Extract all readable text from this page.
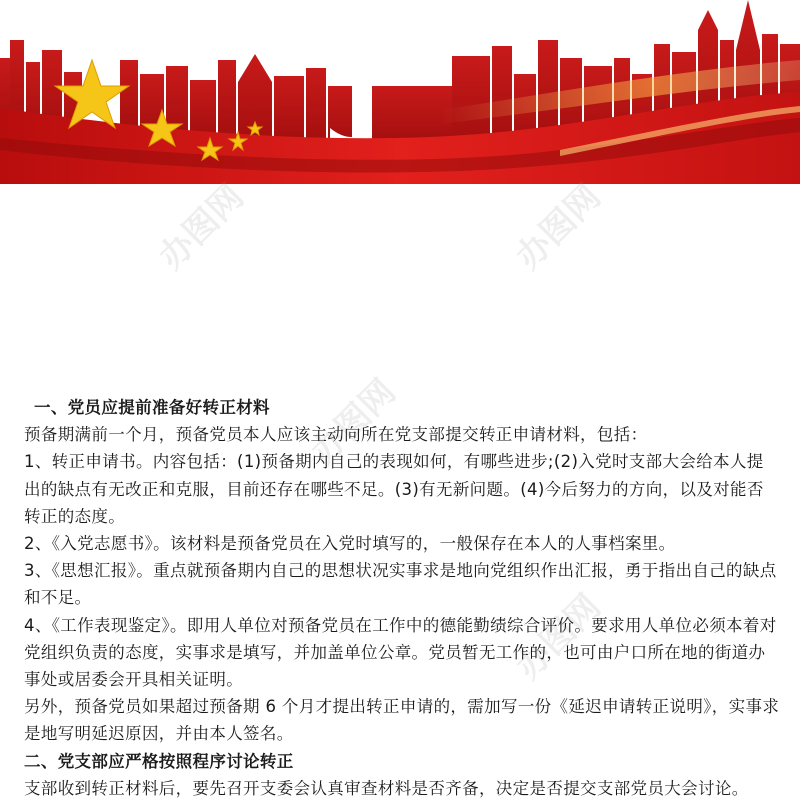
办图网	办图网
办图网
办图网

一、党员应提前准备好转正材料

预备期满前一个月，预备党员本人应该主动向所在党支部提交转正申请材料，包括：

1、转正申请书。内容包括：(1)预备期内自己的表现如何，有哪些进步;(2)入党时支部大会给本人提出的缺点有无改正和克服，目前还存在哪些不足。(3)有无新问题。(4)今后努力的方向，以及对能否转正的态度。

2、《入党志愿书》。该材料是预备党员在入党时填写的，一般保存在本人的人事档案里。

3、《思想汇报》。重点就预备期内自己的思想状况实事求是地向党组织作出汇报，勇于指出自己的缺点和不足。

4、《工作表现鉴定》。即用人单位对预备党员在工作中的德能勤绩综合评价。要求用人单位必须本着对党组织负责的态度，实事求是填写，并加盖单位公章。党员暂无工作的，也可由户口所在地的街道办事处或居委会开具相关证明。

另外，预备党员如果超过预备期 6 个月才提出转正申请的，需加写一份《延迟申请转正说明》，实事求是地写明延迟原因，并由本人签名。

二、党支部应严格按照程序讨论转正

支部收到转正材料后，要先召开支委会认真审查材料是否齐备，决定是否提交支部党员大会讨论。
